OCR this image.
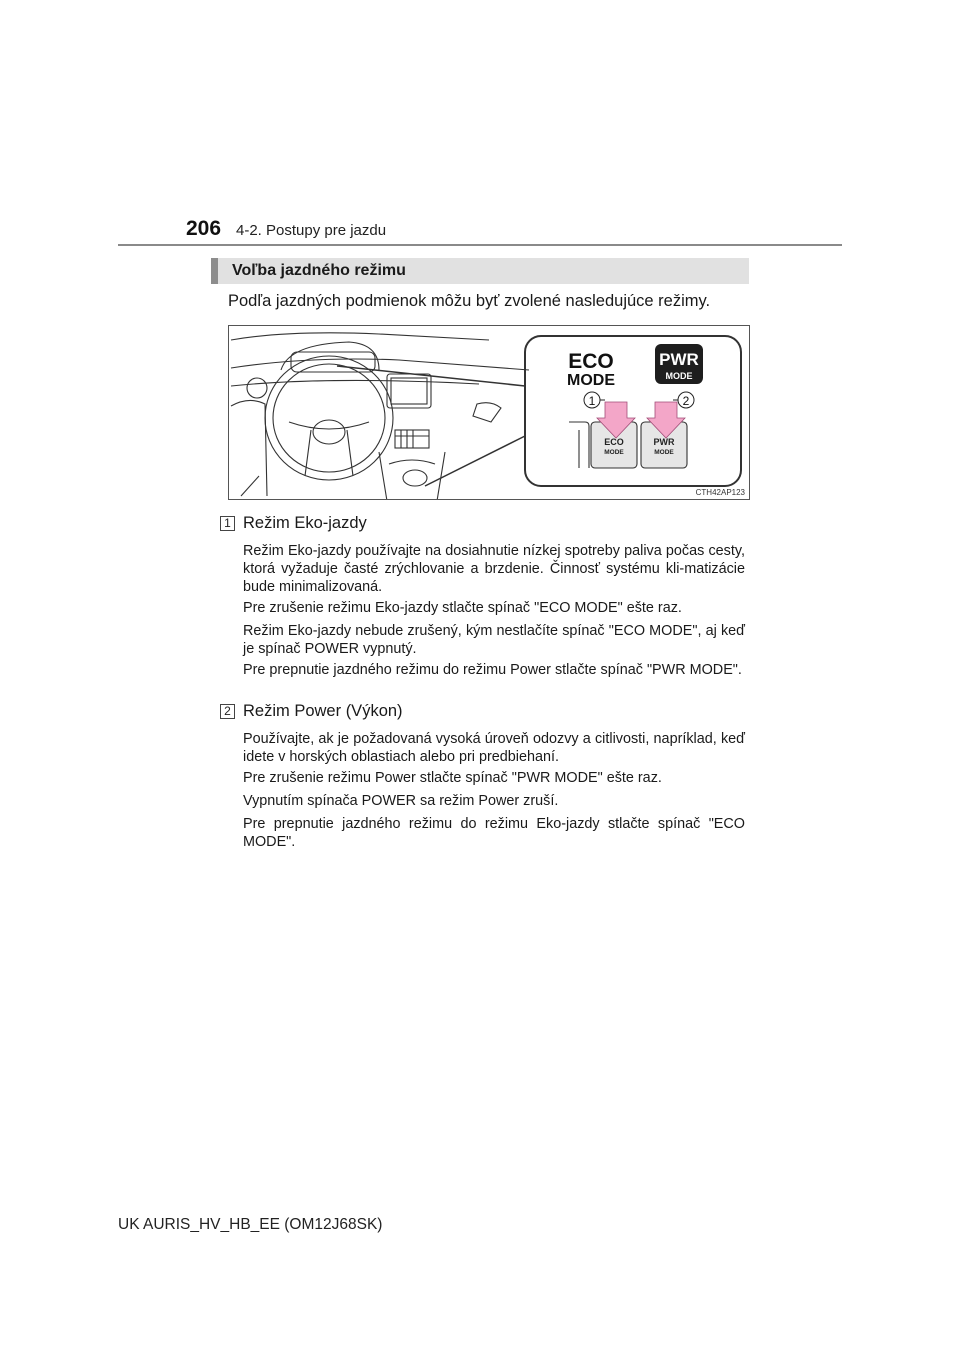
206 4-2. Postupy pre jazdu
Voľba jazdného režimu
Podľa jazdných podmienok môžu byť zvolené nasledujúce režimy.
ECO
MODE
PWR
MODE
1	2
ECO
MODE
PWR
MODE
CTH42AP123
1 Režim Eko-jazdy
Režim Eko-jazdy používajte na dosiahnutie nízkej spotreby paliva počas cesty, ktorá vyžaduje časté zrýchlovanie a brzdenie. Činnosť systému kli-matizácie bude minimalizovaná.
Pre zrušenie režimu Eko-jazdy stlačte spínač "ECO MODE" ešte raz.
Režim Eko-jazdy nebude zrušený, kým nestlačíte spínač "ECO MODE", aj keď je spínač POWER vypnutý.
Pre prepnutie jazdného režimu do režimu Power stlačte spínač "PWR MODE".
2 Režim Power (Výkon)
Používajte, ak je požadovaná vysoká úroveň odozvy a citlivosti, napríklad, keď idete v horských oblastiach alebo pri predbiehaní.
Pre zrušenie režimu Power stlačte spínač "PWR MODE" ešte raz.
Vypnutím spínača POWER sa režim Power zruší.
Pre prepnutie jazdného režimu do režimu Eko-jazdy stlačte spínač "ECO MODE".
UK AURIS_HV_HB_EE (OM12J68SK)
